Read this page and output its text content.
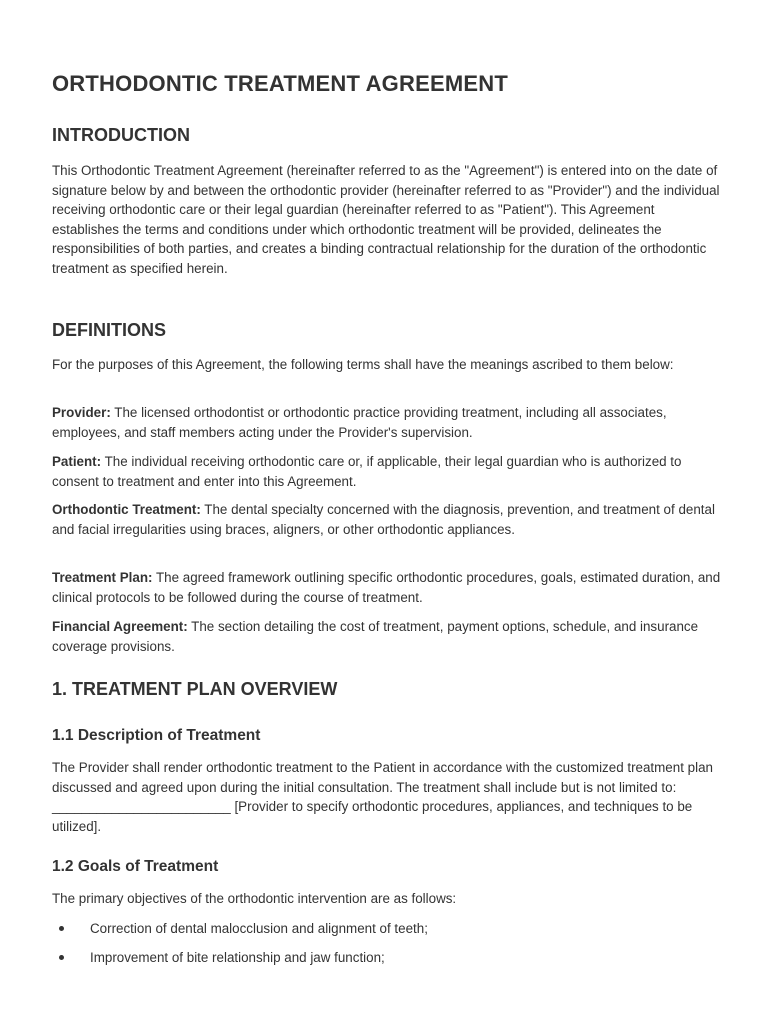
ORTHODONTIC TREATMENT AGREEMENT
INTRODUCTION

This Orthodontic Treatment Agreement (hereinafter referred to as the "Agreement") is entered into on the date of signature below by and between the orthodontic provider (hereinafter referred to as "Provider") and the individual receiving orthodontic care or their legal guardian (hereinafter referred to as "Patient"). This Agreement establishes the terms and conditions under which orthodontic treatment will be provided, delineates the responsibilities of both parties, and creates a binding contractual relationship for the duration of the orthodontic treatment as specified herein.

DEFINITIONS

For the purposes of this Agreement, the following terms shall have the meanings ascribed to them below:

Provider: The licensed orthodontist or orthodontic practice providing treatment, including all associates, employees, and staff members acting under the Provider's supervision.

Patient: The individual receiving orthodontic care or, if applicable, their legal guardian who is authorized to consent to treatment and enter into this Agreement.

Orthodontic Treatment: The dental specialty concerned with the diagnosis, prevention, and treatment of dental and facial irregularities using braces, aligners, or other orthodontic appliances.

Treatment Plan: The agreed framework outlining specific orthodontic procedures, goals, estimated duration, and clinical protocols to be followed during the course of treatment.

Financial Agreement: The section detailing the cost of treatment, payment options, schedule, and insurance coverage provisions.

1. TREATMENT PLAN OVERVIEW
1.1 Description of Treatment

The Provider shall render orthodontic treatment to the Patient in accordance with the customized treatment plan discussed and agreed upon during the initial consultation. The treatment shall include but is not limited to: ________________________ [Provider to specify orthodontic procedures, appliances, and techniques to be utilized].

1.2 Goals of Treatment

The primary objectives of the orthodontic intervention are as follows:

Correction of dental malocclusion and alignment of teeth;
Improvement of bite relationship and jaw function;
